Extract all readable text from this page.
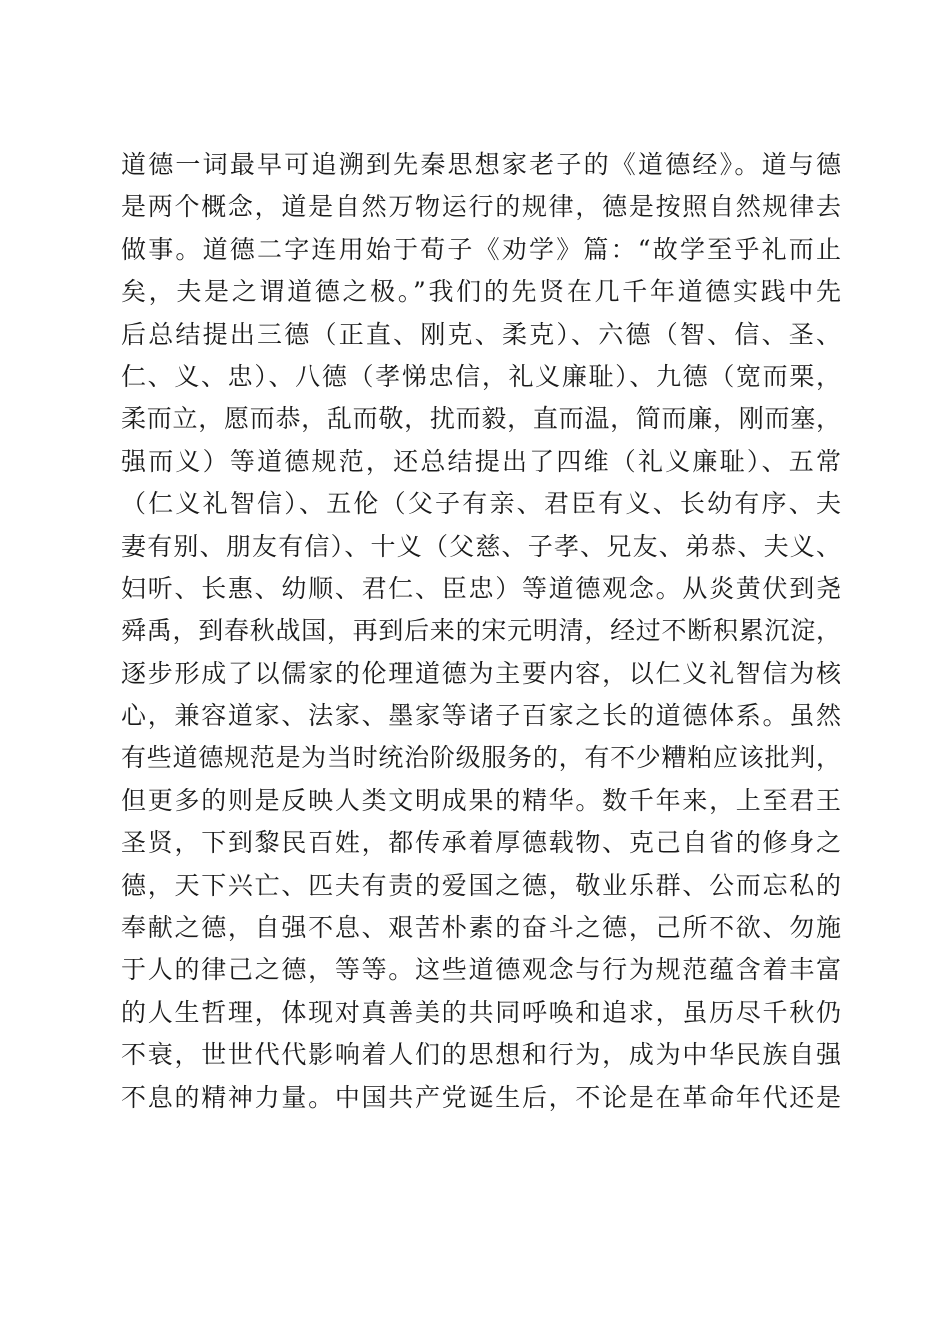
道德一词最早可追溯到先秦思想家老子的《道德经》。道与德
是两个概念，道是自然万物运行的规律，德是按照自然规律去
做事。道德二字连用始于荀子《劝学》篇：“故学至乎礼而止
矣，夫是之谓道德之极。”我们的先贤在几千年道德实践中先
后总结提出三德（正直、刚克、柔克）、六德（智、信、圣、
仁、义、忠）、八德（孝悌忠信，礼义廉耻）、九德（宽而栗，
柔而立，愿而恭，乱而敬，扰而毅，直而温，简而廉，刚而塞，
强而义）等道德规范，还总结提出了四维（礼义廉耻）、五常
（仁义礼智信）、五伦（父子有亲、君臣有义、长幼有序、夫
妻有别、朋友有信）、十义（父慈、子孝、兄友、弟恭、夫义、
妇听、长惠、幼顺、君仁、臣忠）等道德观念。从炎黄伏到尧
舜禹，到春秋战国，再到后来的宋元明清，经过不断积累沉淀，
逐步形成了以儒家的伦理道德为主要内容，以仁义礼智信为核
心，兼容道家、法家、墨家等诸子百家之长的道德体系。虽然
有些道德规范是为当时统治阶级服务的，有不少糟粕应该批判，
但更多的则是反映人类文明成果的精华。数千年来，上至君王
圣贤，下到黎民百姓，都传承着厚德载物、克己自省的修身之
德，天下兴亡、匹夫有责的爱国之德，敬业乐群、公而忘私的
奉献之德，自强不息、艰苦朴素的奋斗之德，己所不欲、勿施
于人的律己之德，等等。这些道德观念与行为规范蕴含着丰富
的人生哲理，体现对真善美的共同呼唤和追求，虽历尽千秋仍
不衰，世世代代影响着人们的思想和行为，成为中华民族自强
不息的精神力量。中国共产党诞生后，不论是在革命年代还是
